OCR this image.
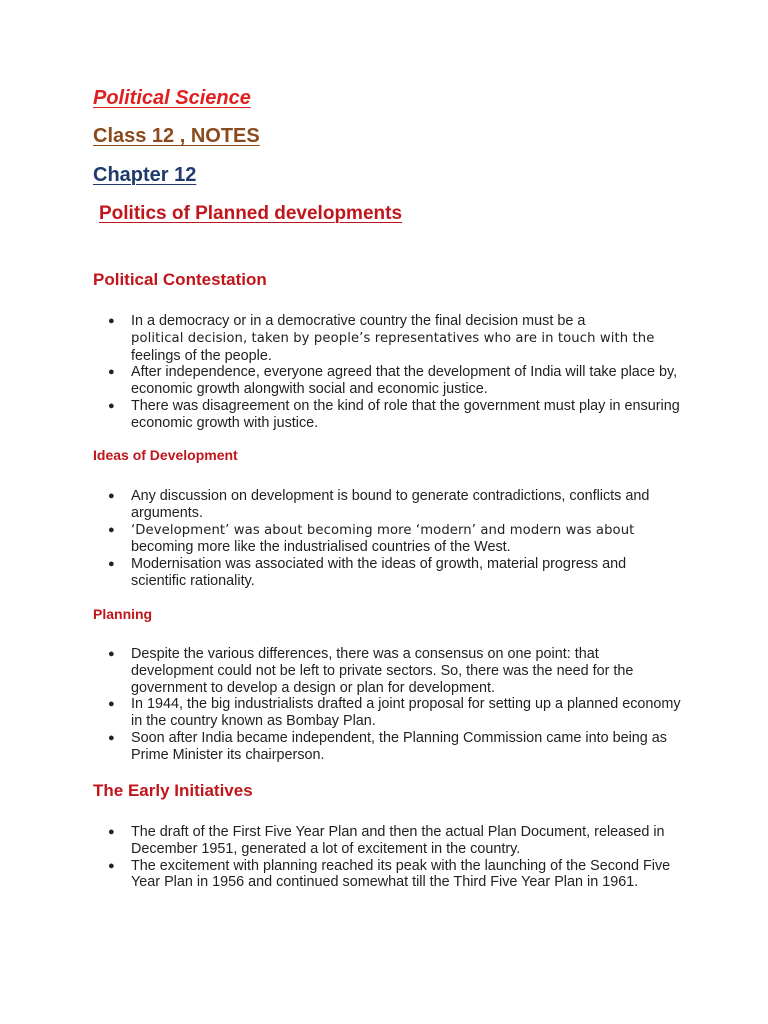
Political Science
Class 12 , NOTES
Chapter 12
Politics of Planned developments
Political Contestation
● In a democracy or in a democrative country the final decision must be a
political decision, taken by people’s representatives who are in touch with the
feelings of the people.
● After independence, everyone agreed that the development of India will take place by, economic growth alongwith social and economic justice.
● There was disagreement on the kind of role that the government must play in ensuring economic growth with justice.
Ideas of Development
● Any discussion on development is bound to generate contradictions, conflicts and arguments.
● ‘Development’ was about becoming more ‘modern’ and modern was about
becoming more like the industrialised countries of the West.
● Modernisation was associated with the ideas of growth, material progress and scientific rationality.
Planning
● Despite the various differences, there was a consensus on one point: that
development could not be left to private sectors. So, there was the need for the
government to develop a design or plan for development.
● In 1944, the big industrialists drafted a joint proposal for setting up a planned economy in the country known as Bombay Plan.
● Soon after India became independent, the Planning Commission came into being as Prime Minister its chairperson.
The Early Initiatives
● The draft of the First Five Year Plan and then the actual Plan Document, released in December 1951, generated a lot of excitement in the country.
● The excitement with planning reached its peak with the launching of the Second Five Year Plan in 1956 and continued somewhat till the Third Five Year Plan in 1961.
